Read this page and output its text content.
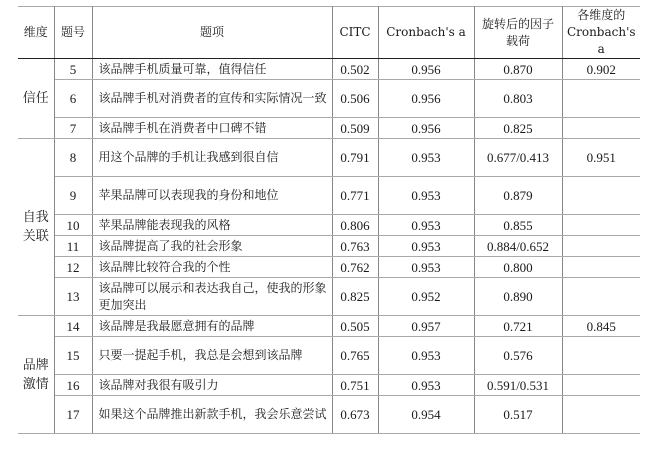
维度	题号	题项	CITC	Cronbach's a	旋转后的因子载荷	各维度的Cronbach's a
信任	5	该品牌手机质量可靠，值得信任	0.502	0.956	0.870	0.902
	6	该品牌手机对消费者的宣传和实际情况一致	0.506	0.956	0.803	
	7	该品牌手机在消费者中口碑不错	0.509	0.956	0.825	
自我关联	8	用这个品牌的手机让我感到很自信	0.791	0.953	0.677/0.413	0.951
	9	苹果品牌可以表现我的身份和地位	0.771	0.953	0.879	
	10	苹果品牌能表现我的风格	0.806	0.953	0.855	
	11	该品牌提高了我的社会形象	0.763	0.953	0.884/0.652	
	12	该品牌比较符合我的个性	0.762	0.953	0.800	
	13	该品牌可以展示和表达我自己，使我的形象更加突出	0.825	0.952	0.890	
品牌激情	14	该品牌是我最愿意拥有的品牌	0.505	0.957	0.721	0.845
	15	只要一提起手机，我总是会想到该品牌	0.765	0.953	0.576	
	16	该品牌对我很有吸引力	0.751	0.953	0.591/0.531	
	17	如果这个品牌推出新款手机，我会乐意尝试	0.673	0.954	0.517	
